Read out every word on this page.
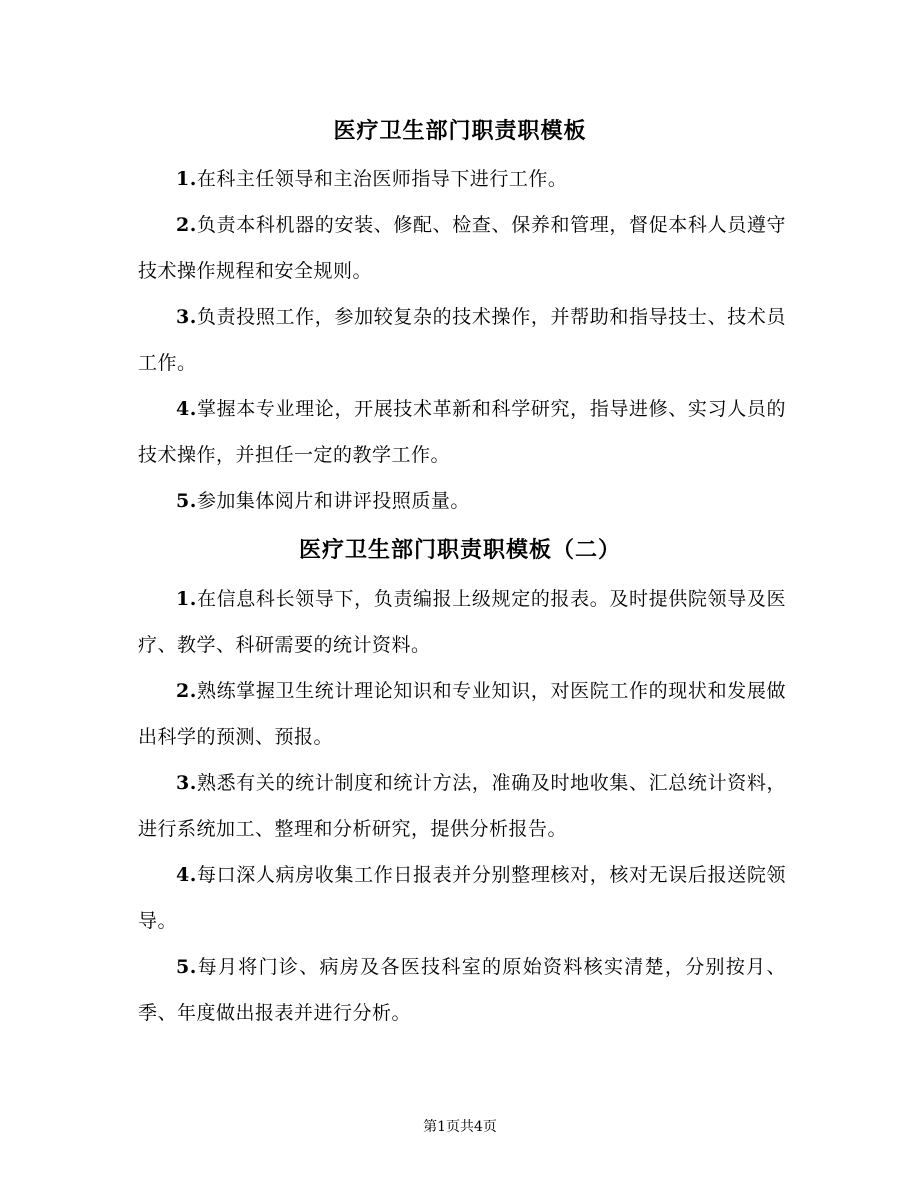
医疗卫生部门职责职模板

1.在科主任领导和主治医师指导下进行工作。

2.负责本科机器的安装、修配、检查、保养和管理，督促本科人员遵守技术操作规程和安全规则。

3.负责投照工作，参加较复杂的技术操作，并帮助和指导技士、技术员工作。

4.掌握本专业理论，开展技术革新和科学研究，指导进修、实习人员的技术操作，并担任一定的教学工作。

5.参加集体阅片和讲评投照质量。

医疗卫生部门职责职模板（二）

1.在信息科长领导下，负责编报上级规定的报表。及时提供院领导及医疗、教学、科研需要的统计资料。

2.熟练掌握卫生统计理论知识和专业知识，对医院工作的现状和发展做出科学的预测、预报。

3.熟悉有关的统计制度和统计方法，准确及时地收集、汇总统计资料，进行系统加工、整理和分析研究，提供分析报告。

4.每口深人病房收集工作日报表并分别整理核对，核对无误后报送院领导。

5.每月将门诊、病房及各医技科室的原始资料核实清楚，分别按月、季、年度做出报表并进行分析。

第1页共4页
